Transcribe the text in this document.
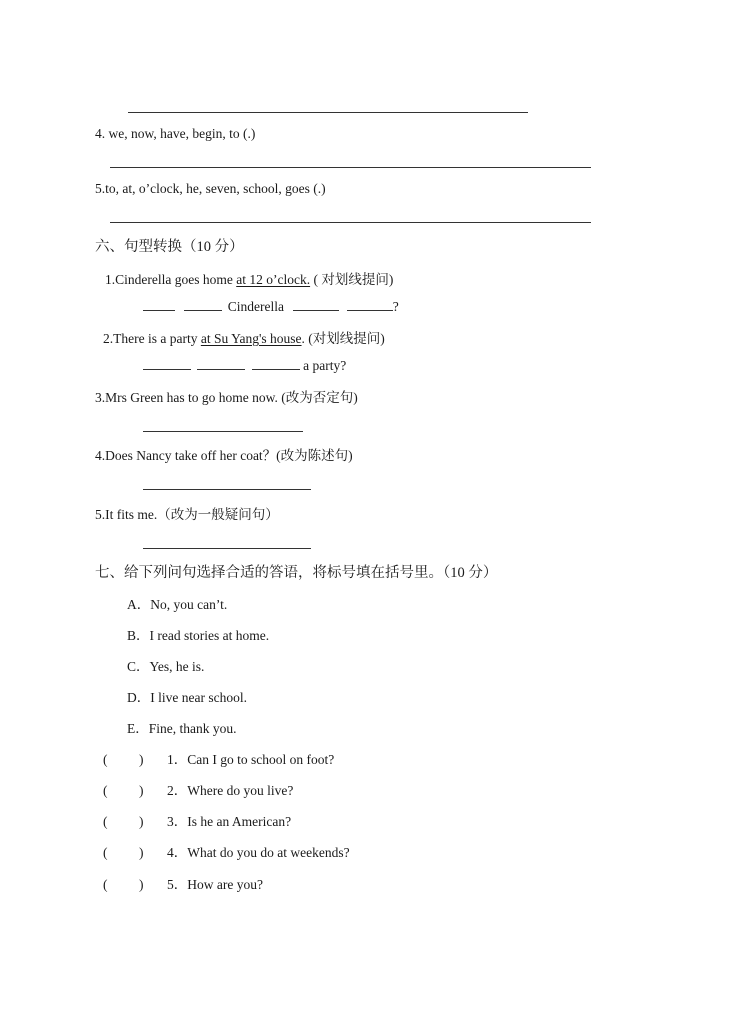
4. we, now, have, begin, to (.)
5.to, at, o’clock, he, seven, school, goes (.)
六、句型转换（10 分）
1.Cinderella goes home at 12 o’clock. ( 对划线提问)
Cinderella	?
2.There is a party at Su Yang's house. (对划线提问)
a party?
3.Mrs Green has to go home now. (改为否定句)
4.Does Nancy take off her coat？(改为陈述句)
5.It fits me.（改为一般疑问句）
七、给下列问句选择合适的答语，将标号填在括号里。（10 分）
A．No, you can’t.
B．I read stories at home.
C．Yes, he is.
D．I live near school.
E．Fine, thank you.
( ) 1．Can I go to school on foot?
( ) 2．Where do you live?
( ) 3．Is he an American?
( ) 4．What do you do at weekends?
( ) 5．How are you?
